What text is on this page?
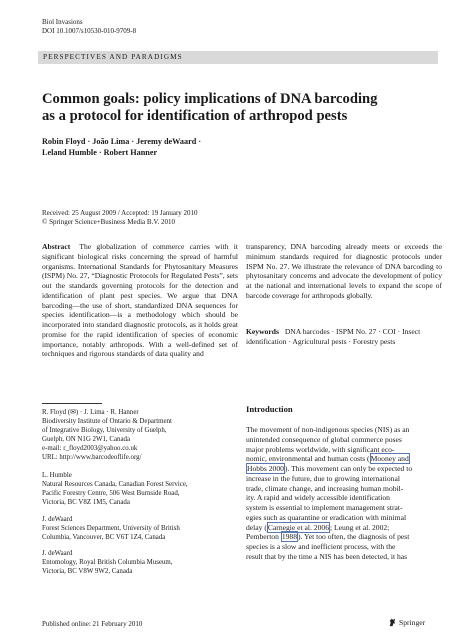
Biol Invasions
DOI 10.1007/s10530-010-9709-8
PERSPECTIVES AND PARADIGMS
Common goals: policy implications of DNA barcoding
as a protocol for identification of arthropod pests
Robin Floyd · João Lima · Jeremy deWaard ·
Leland Humble · Robert Hanner
Received: 25 August 2009 / Accepted: 19 January 2010
© Springer Science+Business Media B.V. 2010
Abstract The globalization of commerce carries with it significant biological risks concerning the spread of harmful organisms. International Standards for Phytosanitary Measures (ISPM) No. 27, “Diagnostic Protocols for Regulated Pests”, sets out the standards governing protocols for the detection and identification of plant pest species. We argue that DNA barcoding—the use of short, standardized DNA sequences for species identification—is a methodology which should be incorporated into standard diagnostic protocols, as it holds great promise for the rapid identification of species of economic importance, notably arthropods. With a well-defined set of techniques and rigorous standards of data quality and
transparency, DNA barcoding already meets or exceeds the minimum standards required for diagnostic protocols under ISPM No. 27. We illustrate the relevance of DNA barcoding to phytosanitary concerns and advocate the development of policy at the national and international levels to expand the scope of barcode coverage for arthropods globally.
Keywords DNA barcodes · ISPM No. 27 · COI · Insect identification · Agricultural pests · Forestry pests
R. Floyd (✉) · J. Lima · R. Hanner
Biodiversity Institute of Ontario & Department
of Integrative Biology, University of Guelph,
Guelph, ON N1G 2W1, Canada
e-mail: r_floyd2003@yahoo.co.uk
URL: http://www.barcodeoflife.org/
L. Humble
Natural Resources Canada, Canadian Forest Service,
Pacific Forestry Centre, 506 West Burnside Road,
Victoria, BC V8Z 1M5, Canada
J. deWaard
Forest Sciences Department, University of British
Columbia, Vancouver, BC V6T 1Z4, Canada
J. deWaard
Entomology, Royal British Columbia Museum,
Victoria, BC V8W 9W2, Canada
Introduction
The movement of non-indigenous species (NIS) as an
unintended consequence of global commerce poses
major problems worldwide, with significant eco-
nomic, environmental and human costs (Mooney and
Hobbs 2000). This movement can only be expected to
increase in the future, due to growing international
trade, climate change, and increasing human mobil-
ity. A rapid and widely accessible identification
system is essential to implement management strat-
egies such as quarantine or eradication with minimal
delay (Carnegie et al. 2006; Leung et al. 2002;
Pemberton 1988). Yet too often, the diagnosis of pest
species is a slow and inefficient process, with the
result that by the time a NIS has been detected, it has
Published online: 21 February 2010	Springer
